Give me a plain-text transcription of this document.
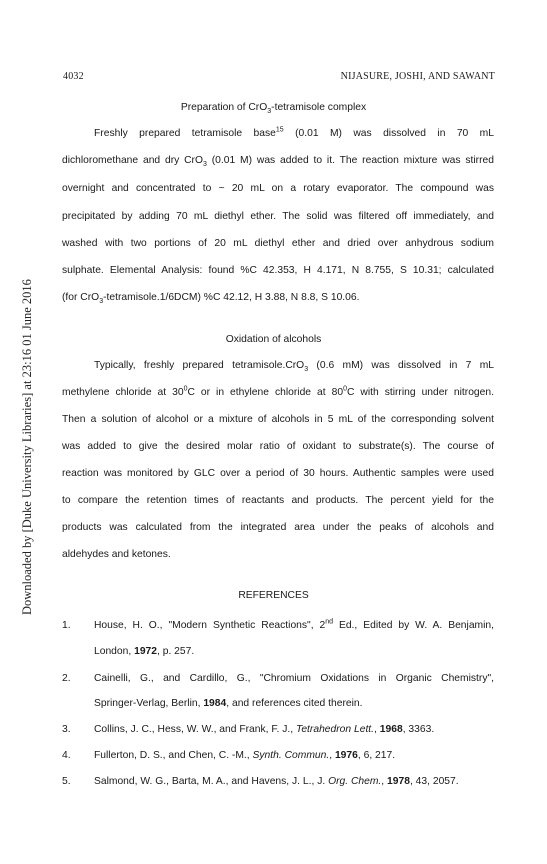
Downloaded by [Duke University Libraries] at 23:16 01 June 2016
4032	NIJASURE, JOSHI, AND SAWANT
Preparation of CrO$_3$-tetramisole complex
Freshly prepared tetramisole base$^{15}$ (0.01 M) was dissolved in 70 mL
dichloromethane and dry CrO$_3$ (0.01 M) was added to it. The reaction mixture was stirred
overnight and concentrated to ~ 20 mL on a rotary evaporator. The compound was
precipitated by adding 70 mL diethyl ether. The solid was filtered off immediately, and
washed with two portions of 20 mL diethyl ether and dried over anhydrous sodium
sulphate. Elemental Analysis: found %C 42.353, H 4.171, N 8.755, S 10.31; calculated
(for CrO$_3$-tetramisole.1/6DCM) %C 42.12, H 3.88, N 8.8, S 10.06.
Oxidation of alcohols
Typically, freshly prepared tetramisole.CrO$_3$ (0.6 mM) was dissolved in 7 mL
methylene chloride at $30^0C$ or in ethylene chloride at $80^0C$ with stirring under nitrogen.
Then a solution of alcohol or a mixture of alcohols in 5 mL of the corresponding solvent
was added to give the desired molar ratio of oxidant to substrate(s). The course of
reaction was monitored by GLC over a period of 30 hours. Authentic samples were used
to compare the retention times of reactants and products. The percent yield for the
products was calculated from the integrated area under the peaks of alcohols and
aldehydes and ketones.
REFERENCES
1. House, H. O., "Modern Synthetic Reactions", 2nd Ed., Edited by W. A. Benjamin,
London, 1972, p. 257.
2. Cainelli, G., and Cardillo, G., "Chromium Oxidations in Organic Chemistry",
Springer-Verlag, Berlin, 1984, and references cited therein.
3. Collins, J. C., Hess, W. W., and Frank, F. J., Tetrahedron Lett., 1968, 3363.
4. Fullerton, D. S., and Chen, C. -M., Synth. Commun., 1976, 6, 217.
5. Salmond, W. G., Barta, M. A., and Havens, J. L., J. Org. Chem., 1978, 43, 2057.
